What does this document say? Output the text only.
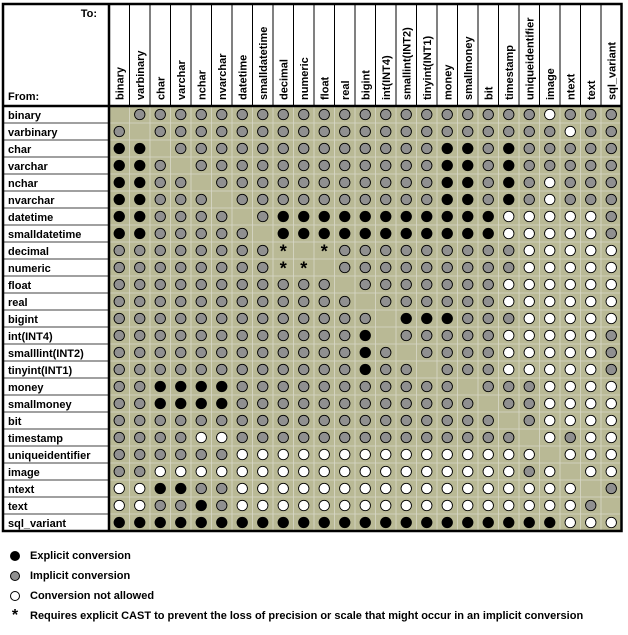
To:
From:	binary varbinary char varchar nchar nvarchar datetime smalldatetime decimal numeric float real bigint int(INT4) smallint(INT2) tinyint(INT1) money smallmoney bit timestamp uniqueidentifier image ntext text sql_variant
binary
varbinary
char
varchar
nchar
nvarchar
datetime
smalldatetime
decimal
numeric
float
real
bigint
int(INT4)
smalllint(INT2)
tinyint(INT1)
money
smallmoney
bit
timestamp
uniqueidentifier
image
ntext
text
sql_variant
* *
* *
Explicit conversion
Implicit conversion
Conversion not allowed
* Requires explicit CAST to prevent the loss of precision or scale that might occur in an implicit conversion
